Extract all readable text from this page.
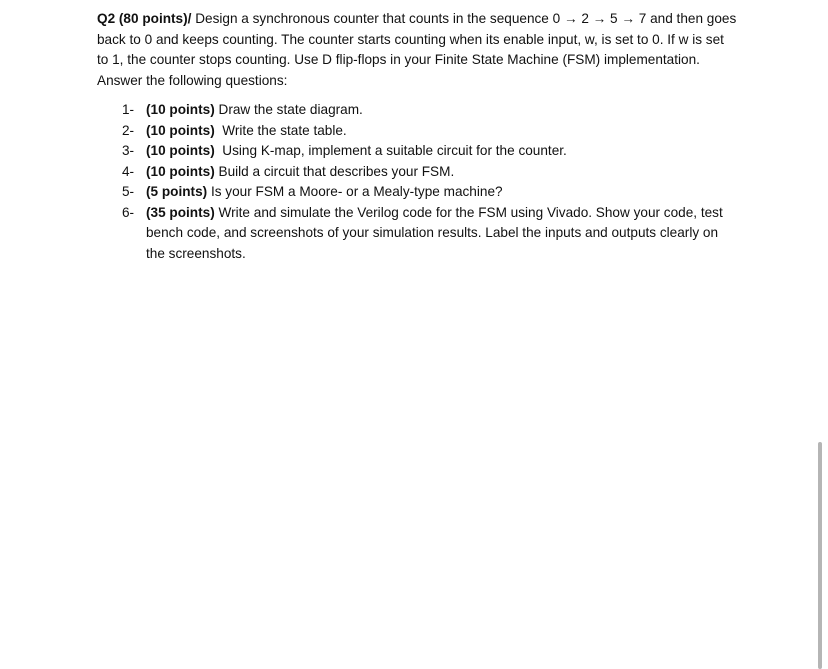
Q2 (80 points)/ Design a synchronous counter that counts in the sequence 0 → 2 → 5 → 7 and then goes back to 0 and keeps counting. The counter starts counting when its enable input, w, is set to 0. If w is set to 1, the counter stops counting. Use D flip-flops in your Finite State Machine (FSM) implementation. Answer the following questions:

1- (10 points) Draw the state diagram.
2- (10 points)  Write the state table.
3- (10 points)  Using K-map, implement a suitable circuit for the counter.
4- (10 points) Build a circuit that describes your FSM.
5- (5 points) Is your FSM a Moore- or a Mealy-type machine?
6- (35 points) Write and simulate the Verilog code for the FSM using Vivado. Show your code, test bench code, and screenshots of your simulation results. Label the inputs and outputs clearly on the screenshots.
